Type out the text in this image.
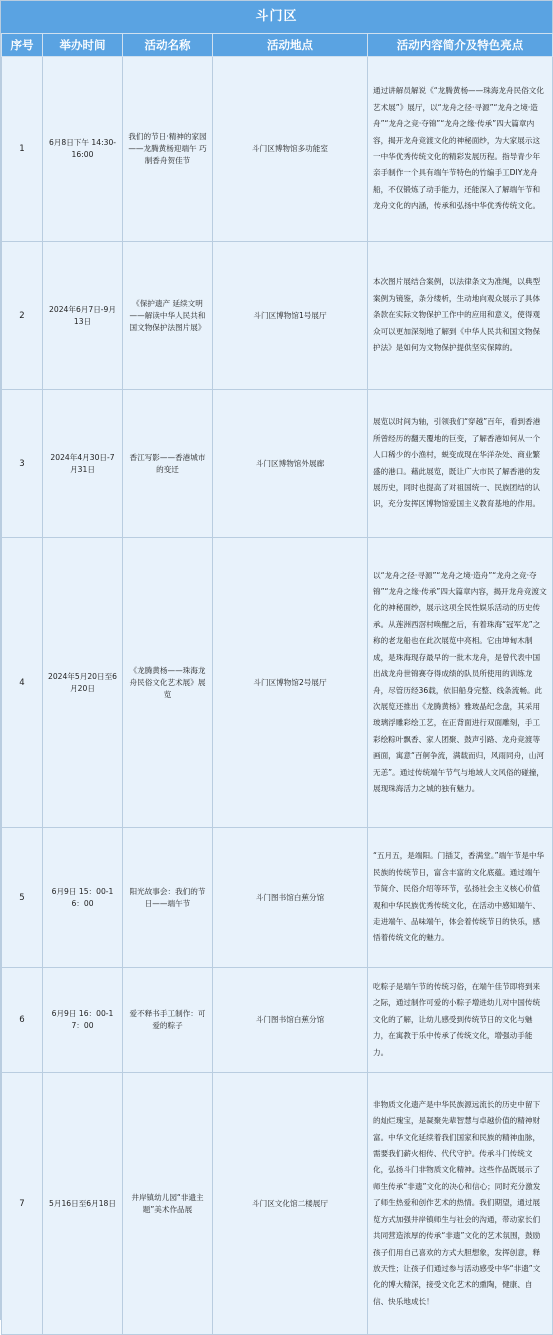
斗门区
序号	举办时间	活动名称	活动地点	活动内容简介及特色亮点
1	6月8日下午 14:30-16:00	我们的节日·精神的家园——龙腾黄杨迎端午 巧制香舟贺佳节	斗门区博物馆多功能室	通过讲解员解说《“龙腾黄杨——珠海龙舟民俗文化艺术展”》展厅，以“龙舟之径·寻源”“龙舟之境·造舟”“龙舟之竞·夺锦”“龙舟之缘·传承”四大篇章内容，揭开龙舟竞渡文化的神秘面纱，为大家展示这一中华优秀传统文化的精彩发展历程。指导青少年亲手制作一个具有端午节特色的竹编手工DIY龙舟船，不仅锻炼了动手能力，还能深入了解端午节和龙舟文化的内涵，传承和弘扬中华优秀传统文化。
2	2024年6月7日-9月13日	《保护遗产 延续文明——解读中华人民共和国文物保护法图片展》	斗门区博物馆1号展厅	本次图片展结合案例，以法律条文为准绳，以典型案例为镜鉴，条分缕析，生动地向观众展示了具体条款在实际文物保护工作中的应用和意义，使得观众可以更加深刻地了解到《中华人民共和国文物保护法》是如何为文物保护提供坚实保障的。
3	2024年4月30日-7月31日	香江写影——香港城市的变迁	斗门区博物馆外展廊	展览以时间为轴，引领我们“穿越”百年，看到香港所曾经历的翻天覆地的巨变，了解香港如何从一个人口稀少的小渔村，蜕变成现在华洋杂处、商业繁盛的港口。藉此展览，既让广大市民了解香港的发展历史，同时也提高了对祖国统一、民族团结的认识，充分发挥区博物馆爱国主义教育基地的作用。
4	2024年5月20日至6月20日	《龙腾黄杨——珠海龙舟民俗文化艺术展》展览	斗门区博物馆2号展厅	以“龙舟之径·寻源”“龙舟之境·造舟”“龙舟之竞·夺锦”“龙舟之缘·传承”四大篇章内容，揭开龙舟竞渡文化的神秘面纱，展示这项全民性娱乐活动的历史传承。从莲洲西滘村唤醒之后，有着珠海“冠军龙”之称的老龙船也在此次展览中亮相。它由坤甸木制成，是珠海现存最早的一批木龙舟，是曾代表中国出战龙舟世锦赛夺得成绩的队员所使用的训练龙舟，尽管历经36载，依旧船身完整、线条流畅。此次展览还推出《龙腾黄杨》雅玻晶纪念盘，其采用玻璃浮雕彩绘工艺，在正背面进行双面雕刻，手工彩绘粽叶飘香、家人团聚、鼓声引路、龙舟竞渡等画面，寓意“百舸争流，满载而归，风雨同舟，山河无恙”。通过传统端午节气与地域人文风俗的碰撞，展现珠海活力之城的独有魅力。
5	6月9日 15：00-16：00	阳光故事会：我们的节日——端午节	斗门图书馆白蕉分馆	“五月五，是端阳。门插艾，香满堂。”端午节是中华民族的传统节日，富含丰富的文化底蕴。通过端午节简介、民俗介绍等环节，弘扬社会主义核心价值观和中华民族优秀传统文化，在活动中感知端午、走进端午、品味端午，体会着传统节日的快乐，感悟着传统文化的魅力。
6	6月9日 16：00-17：00	爱不释书手工制作：可爱的粽子	斗门图书馆白蕉分馆	吃粽子是端午节的传统习俗，在端午佳节即将到来之际，通过制作可爱的小粽子增进幼儿对中国传统文化的了解，让幼儿感受到传统节日的文化与魅力，在寓教于乐中传承了传统文化，增强动手能力。
7	5月16日至6月18日	井岸镇幼儿园“非遗主题”美术作品展	斗门区文化馆二楼展厅	非物质文化遗产是中华民族源远流长的历史中留下的灿烂瑰宝，是凝聚先辈智慧与卓越价值的精神财富。中华文化延续着我们国家和民族的精神血脉，需要我们薪火相传、代代守护。传承斗门传统文化，弘扬斗门非物质文化精神。这些作品既展示了师生传承“非遗”文化的决心和信心；同时充分激发了师生热爱和创作艺术的热情。我们期望，通过展览方式加强井岸镇师生与社会的沟通，带动家长们共同营造浓厚的传承“非遗”文化的艺术氛围，鼓励孩子们用自己喜欢的方式大胆想象，发挥创意，释放天性；让孩子们通过参与活动感受中华“非遗”文化的博大精深，接受文化艺术的熏陶，健康、自信、快乐地成长！
